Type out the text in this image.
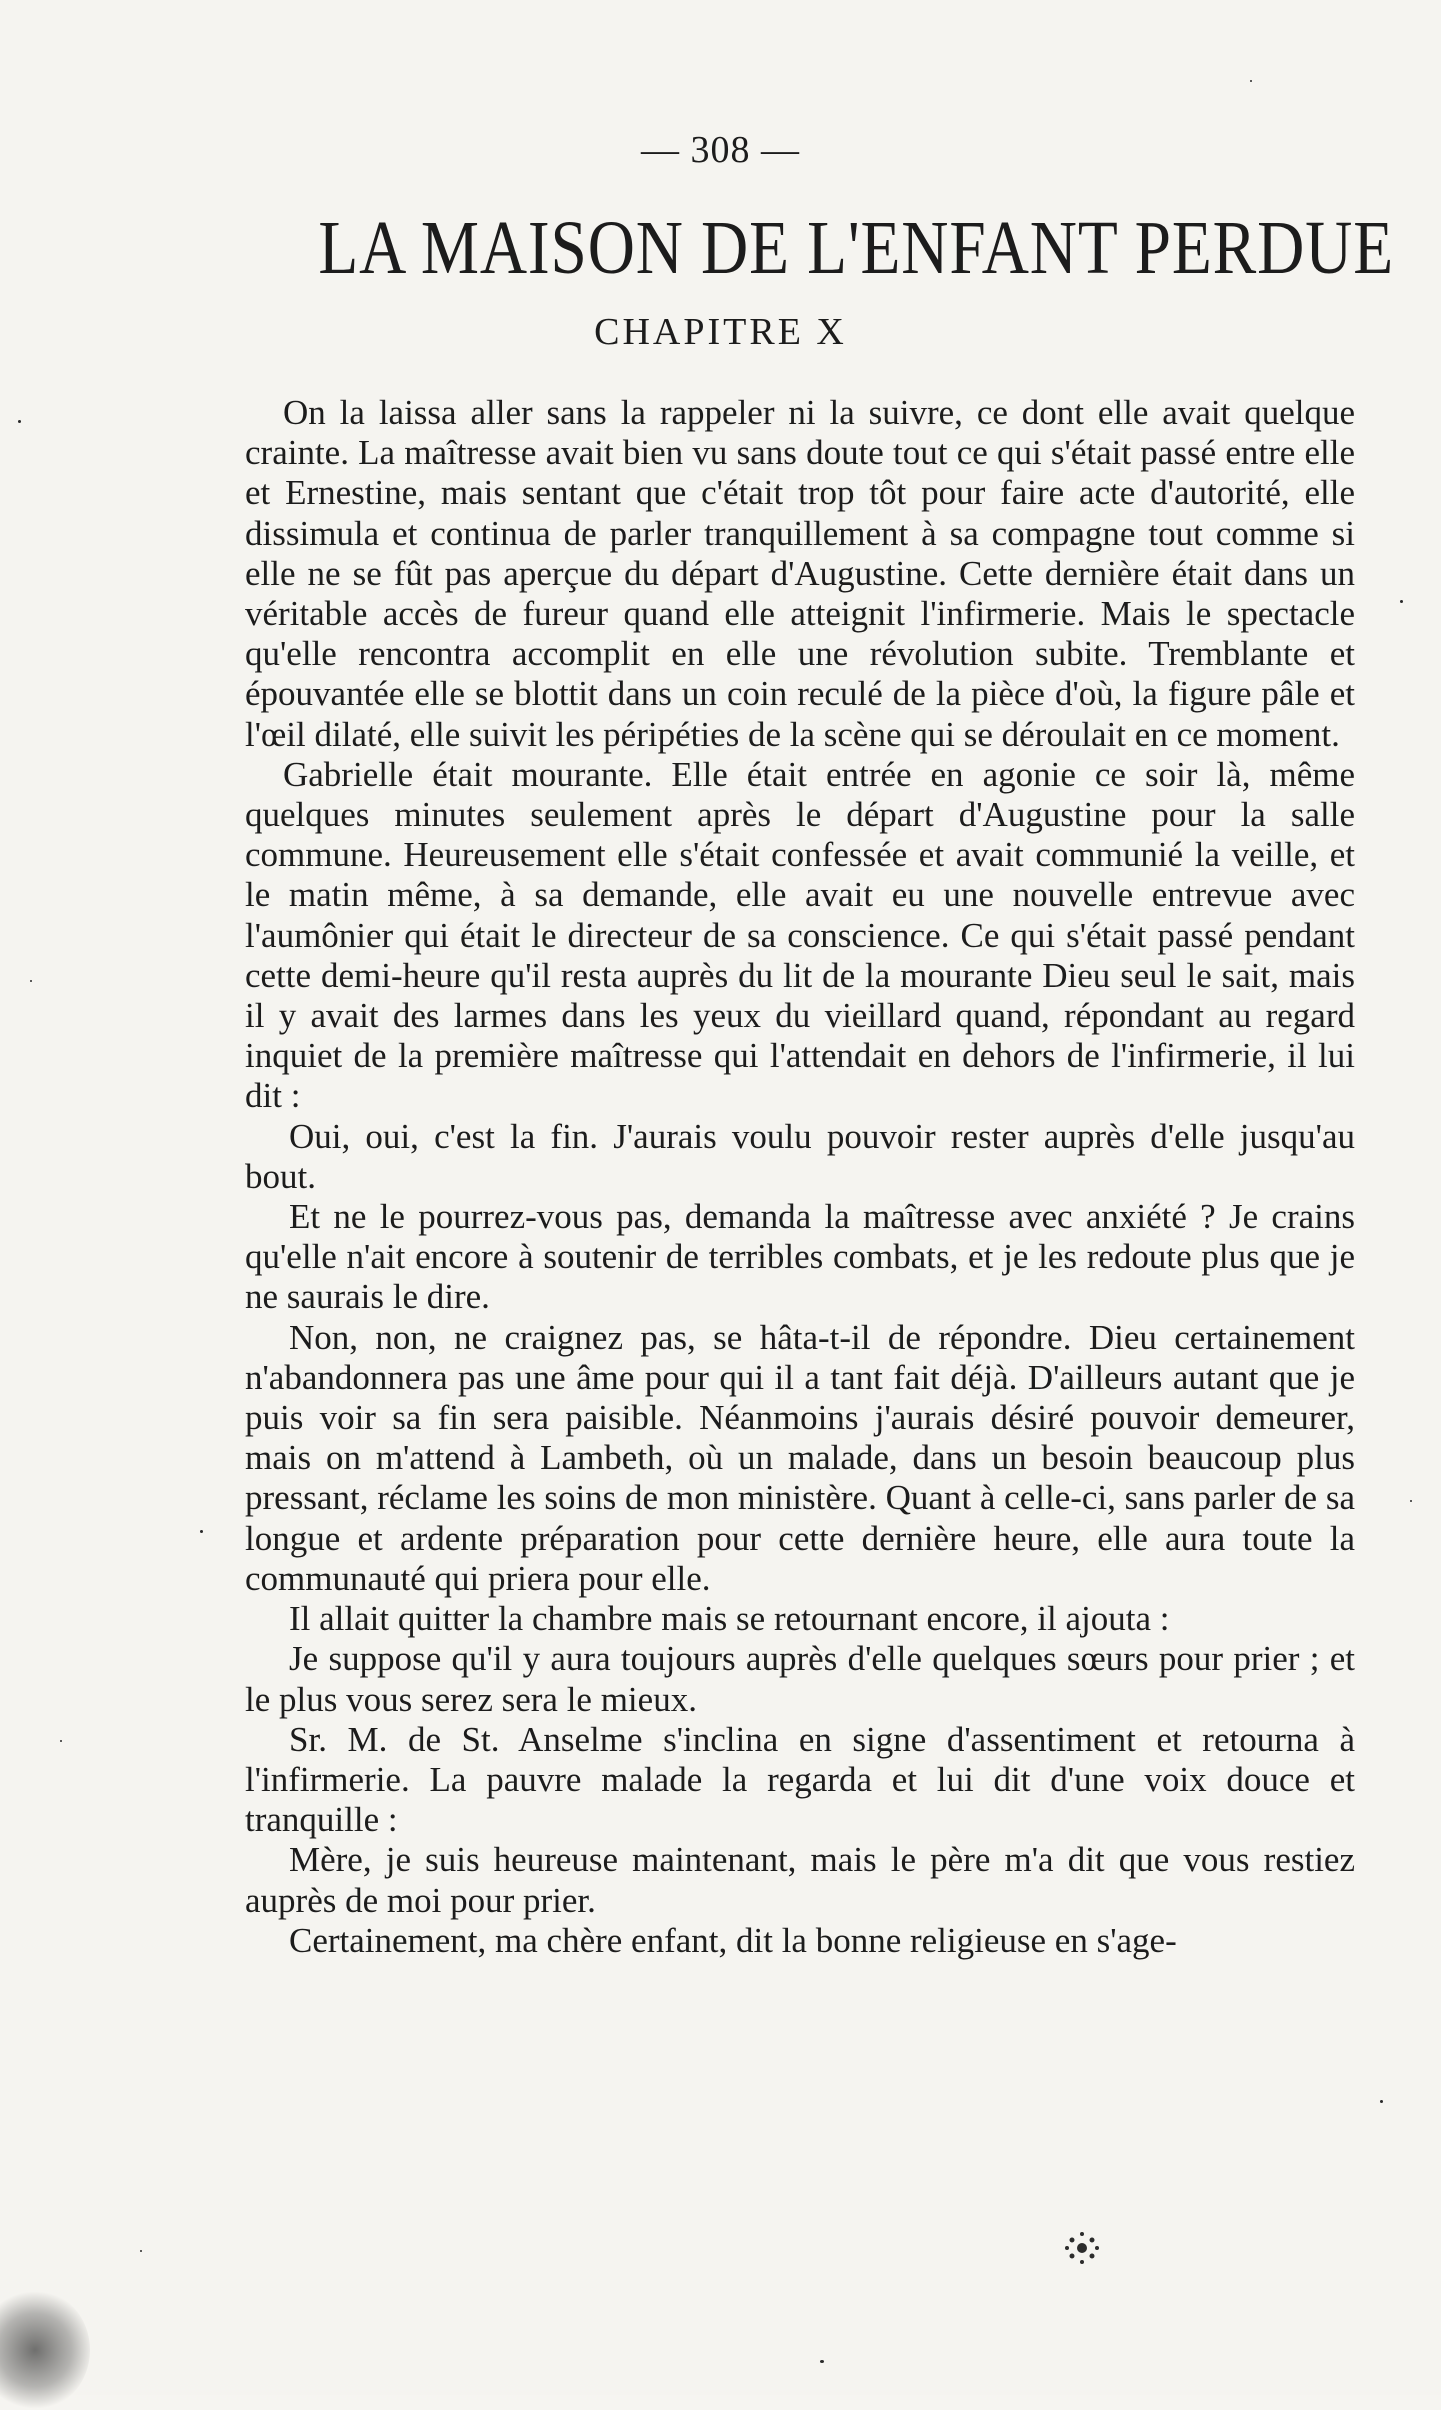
— 308 —
LA MAISON DE L'ENFANT PERDUE
CHAPITRE X

On la laissa aller sans la rappeler ni la suivre, ce dont elle avait quelque crainte. La maîtresse avait bien vu sans doute tout ce qui s'était passé entre elle et Ernestine, mais sentant que c'était trop tôt pour faire acte d'autorité, elle dissimula et continua de parler tranquillement à sa compagne tout comme si elle ne se fût pas aperçue du départ d'Augustine. Cette dernière était dans un véritable accès de fureur quand elle atteignit l'infirmerie. Mais le spectacle qu'elle rencontra accomplit en elle une révolution subite. Tremblante et épouvantée elle se blottit dans un coin reculé de la pièce d'où, la figure pâle et l'œil dilaté, elle suivit les péripéties de la scène qui se déroulait en ce moment.

Gabrielle était mourante. Elle était entrée en agonie ce soir là, même quelques minutes seulement après le départ d'Augustine pour la salle commune. Heureusement elle s'était confessée et avait communié la veille, et le matin même, à sa demande, elle avait eu une nouvelle entrevue avec l'aumônier qui était le directeur de sa conscience. Ce qui s'était passé pendant cette demi-heure qu'il resta auprès du lit de la mourante Dieu seul le sait, mais il y avait des larmes dans les yeux du vieillard quand, répondant au regard inquiet de la première maîtresse qui l'attendait en dehors de l'infirmerie, il lui dit :

Oui, oui, c'est la fin. J'aurais voulu pouvoir rester auprès d'elle jusqu'au bout.

Et ne le pourrez-vous pas, demanda la maîtresse avec anxiété ? Je crains qu'elle n'ait encore à soutenir de terribles combats, et je les redoute plus que je ne saurais le dire.

Non, non, ne craignez pas, se hâta-t-il de répondre. Dieu certainement n'abandonnera pas une âme pour qui il a tant fait déjà. D'ailleurs autant que je puis voir sa fin sera paisible. Néanmoins j'aurais désiré pouvoir demeurer, mais on m'attend à Lambeth, où un malade, dans un besoin beaucoup plus pressant, réclame les soins de mon ministère. Quant à celle-ci, sans parler de sa longue et ardente préparation pour cette dernière heure, elle aura toute la communauté qui priera pour elle.

Il allait quitter la chambre mais se retournant encore, il ajouta :

Je suppose qu'il y aura toujours auprès d'elle quelques sœurs pour prier ; et le plus vous serez sera le mieux.

Sr. M. de St. Anselme s'inclina en signe d'assentiment et retourna à l'infirmerie. La pauvre malade la regarda et lui dit d'une voix douce et tranquille :

Mère, je suis heureuse maintenant, mais le père m'a dit que vous restiez auprès de moi pour prier.

Certainement, ma chère enfant, dit la bonne religieuse en s'age-
